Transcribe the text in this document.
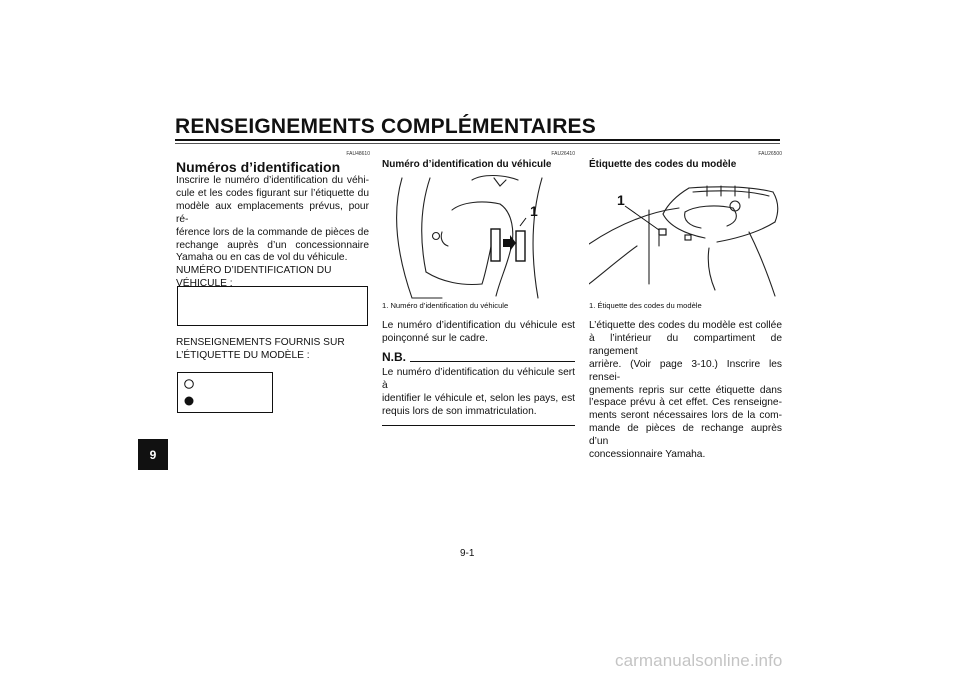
RENSEIGNEMENTS COMPLÉMENTAIRES
9
FAU48610
Numéros d’identification

Inscrire le numéro d’identification du véhi-

cule et les codes figurant sur l’étiquette du

modèle aux emplacements prévus, pour ré-

férence lors de la commande de pièces de

rechange auprès d’un concessionnaire

Yamaha ou en cas de vol du véhicule.

NUMÉRO D’IDENTIFICATION DU

VÉHICULE :

RENSEIGNEMENTS FOURNIS SUR

L’ÉTIQUETTE DU MODÈLE :

FAU26410
Numéro d’identification du véhicule
1
1. Numéro d’identification du véhicule

Le numéro d’identification du véhicule est

poinçonné sur le cadre.

N.B.

Le numéro d’identification du véhicule sert à

identifier le véhicule et, selon les pays, est

requis lors de son immatriculation.

FAU26500
Étiquette des codes du modèle
1
1. Étiquette des codes du modèle

L’étiquette des codes du modèle est collée

à l’intérieur du compartiment de rangement

arrière. (Voir page 3-10.) Inscrire les rensei-

gnements repris sur cette étiquette dans

l’espace prévu à cet effet. Ces renseigne-

ments seront nécessaires lors de la com-

mande de pièces de rechange auprès d’un

concessionnaire Yamaha.

9-1
carmanualsonline.info
